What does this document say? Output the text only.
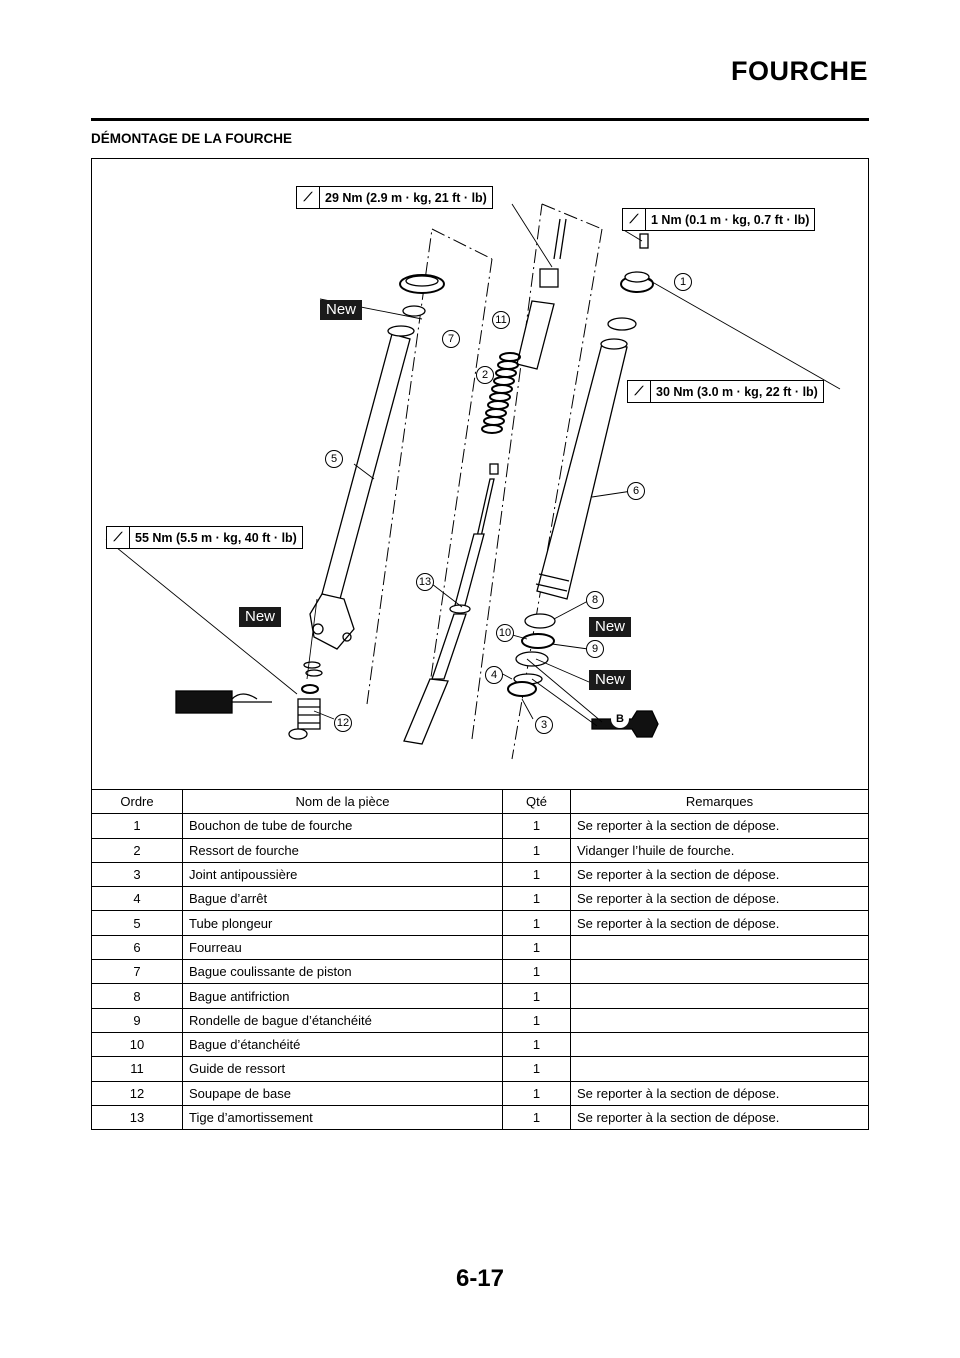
FOURCHE
DÉMONTAGE DE LA FOURCHE
⟋	29 Nm (2.9 m · kg, 21 ft · lb)
⟋	1 Nm (0.1 m · kg, 0.7 ft · lb)
⟋	30 Nm (3.0 m · kg, 22 ft · lb)
⟋	55 Nm (5.5 m · kg, 40 ft · lb)
New
New
New
New
1
11
7
2
5
6
13
8
10
9
4
3
12	B
Ordre	Nom de la pièce	Qté	Remarques
1	Bouchon de tube de fourche	1	Se reporter à la section de dépose.
2	Ressort de fourche	1	Vidanger l’huile de fourche.
3	Joint antipoussière	1	Se reporter à la section de dépose.
4	Bague d’arrêt	1	Se reporter à la section de dépose.
5	Tube plongeur	1	Se reporter à la section de dépose.
6	Fourreau	1	
7	Bague coulissante de piston	1	
8	Bague antifriction	1	
9	Rondelle de bague d’étanchéité	1	
10	Bague d’étanchéité	1	
11	Guide de ressort	1	
12	Soupape de base	1	Se reporter à la section de dépose.
13	Tige d’amortissement	1	Se reporter à la section de dépose.
6-17
